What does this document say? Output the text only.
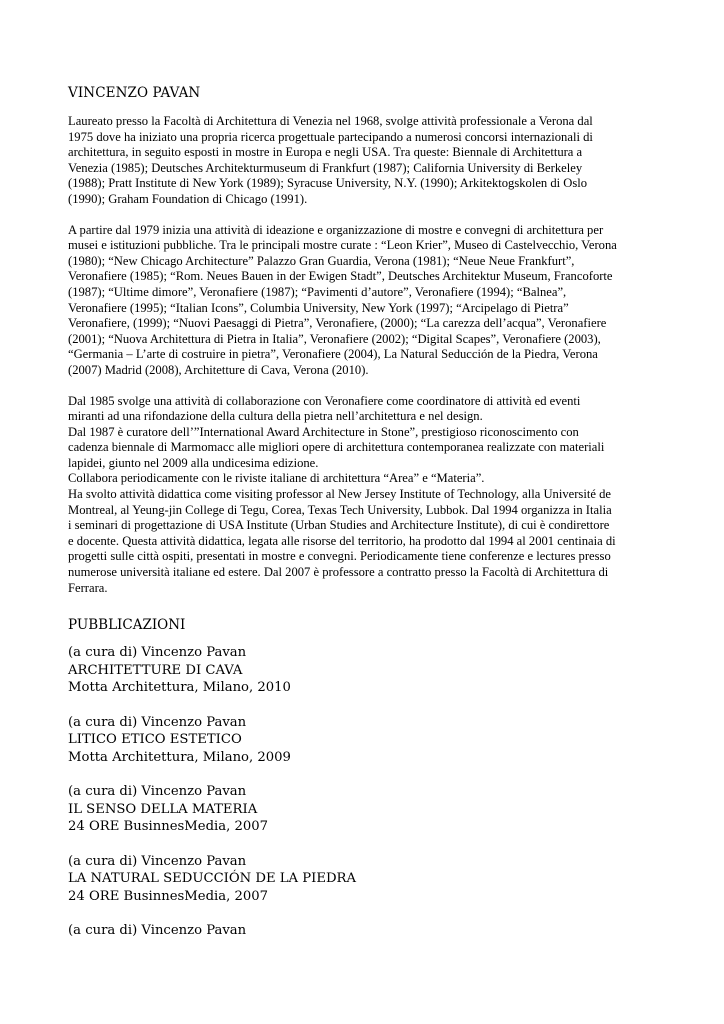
VINCENZO PAVAN
Laureato presso la Facoltà di Architettura di Venezia nel 1968, svolge attività professionale a Verona dal
1975 dove ha iniziato una propria ricerca progettuale partecipando a numerosi concorsi internazionali di
architettura, in seguito esposti in mostre in Europa e negli USA. Tra queste: Biennale di Architettura a
Venezia (1985); Deutsches Architekturmuseum di Frankfurt (1987); California University di Berkeley
(1988); Pratt Institute di New York (1989); Syracuse University, N.Y. (1990); Arkitektogskolen di Oslo
(1990); Graham Foundation di Chicago (1991).
A partire dal 1979 inizia una attività di ideazione e organizzazione di mostre e convegni di architettura per
musei e istituzioni pubbliche. Tra le principali mostre curate : “Leon Krier”, Museo di Castelvecchio, Verona
(1980); “New Chicago Architecture” Palazzo Gran Guardia, Verona (1981); “Neue Neue Frankfurt”,
Veronafiere (1985); “Rom. Neues Bauen in der Ewigen Stadt”, Deutsches Architektur Museum, Francoforte
(1987); “Ultime dimore”, Veronafiere (1987); “Pavimenti d’autore”, Veronafiere (1994); “Balnea”,
Veronafiere (1995); “Italian Icons”, Columbia University, New York (1997); “Arcipelago di Pietra”
Veronafiere, (1999); “Nuovi Paesaggi di Pietra”, Veronafiere, (2000); “La carezza dell’acqua”, Veronafiere
(2001); “Nuova Architettura di Pietra in Italia”, Veronafiere (2002); “Digital Scapes”, Veronafiere (2003),
“Germania – L’arte di costruire in pietra”, Veronafiere (2004), La Natural Seducción de la Piedra, Verona
(2007) Madrid (2008), Architetture di Cava, Verona (2010).
Dal 1985 svolge una attività di collaborazione con Veronafiere come coordinatore di attività ed eventi
miranti ad una rifondazione della cultura della pietra nell’architettura e nel design.
Dal 1987 è curatore dell’”International Award Architecture in Stone”, prestigioso riconoscimento con
cadenza biennale di Marmomacc alle migliori opere di architettura contemporanea realizzate con materiali
lapidei, giunto nel 2009 alla undicesima edizione.
Collabora periodicamente con le riviste italiane di architettura “Area” e “Materia”.
Ha svolto attività didattica come visiting professor al New Jersey Institute of Technology, alla Université de
Montreal, al Yeung-jin College di Tegu, Corea, Texas Tech University, Lubbok. Dal 1994 organizza in Italia
i seminari di progettazione di USA Institute (Urban Studies and Architecture Institute), di cui è condirettore
e docente. Questa attività didattica, legata alle risorse del territorio, ha prodotto dal 1994 al 2001 centinaia di
progetti sulle città ospiti, presentati in mostre e convegni. Periodicamente tiene conferenze e lectures presso
numerose università italiane ed estere. Dal 2007 è professore a contratto presso la Facoltà di Architettura di
Ferrara.
PUBBLICAZIONI
(a cura di) Vincenzo Pavan
ARCHITETTURE DI CAVA
Motta Architettura, Milano, 2010
(a cura di) Vincenzo Pavan
LITICO ETICO ESTETICO
Motta Architettura, Milano, 2009
(a cura di) Vincenzo Pavan
IL SENSO DELLA MATERIA
24 ORE BusinnesMedia, 2007
(a cura di) Vincenzo Pavan
LA NATURAL SEDUCCIÓN DE LA PIEDRA
24 ORE BusinnesMedia, 2007
(a cura di) Vincenzo Pavan
